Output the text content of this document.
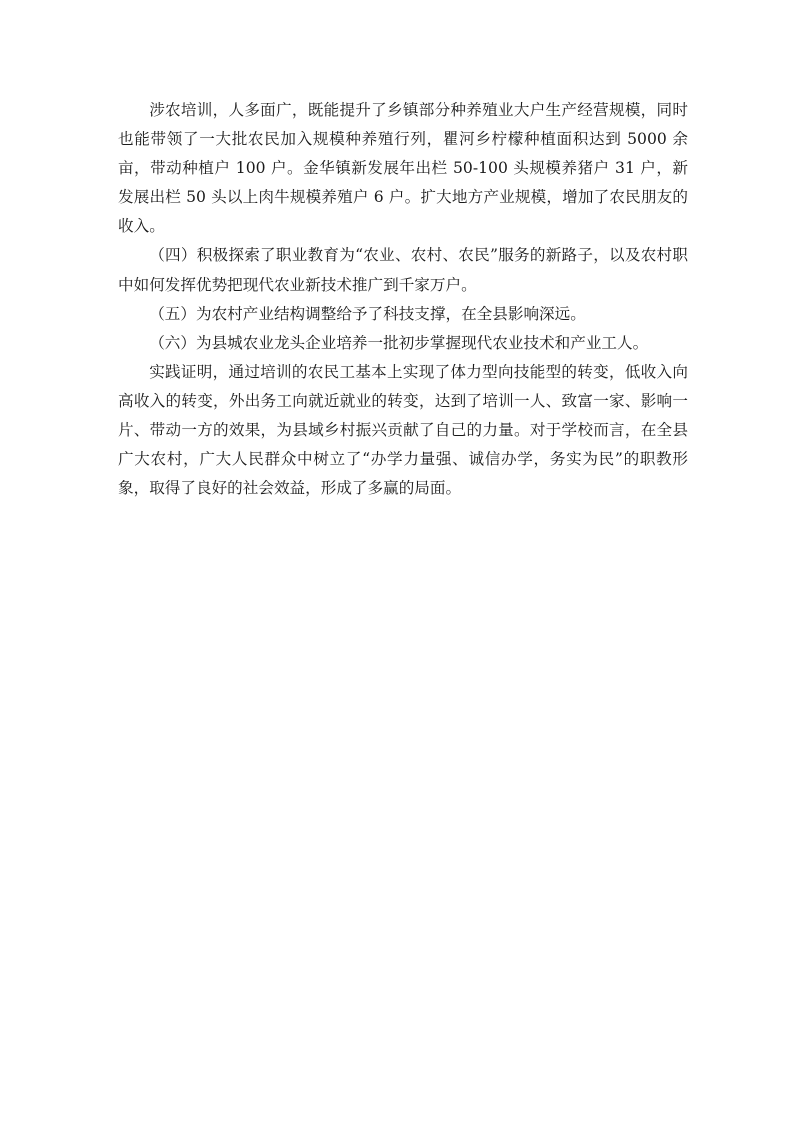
涉农培训，人多面广，既能提升了乡镇部分种养殖业大户生产经营规模，同时也能带领了一大批农民加入规模种养殖行列，瞿河乡柠檬种植面积达到 5000 余亩，带动种植户 100 户。金华镇新发展年出栏 50-100 头规模养猪户 31 户，新发展出栏 50 头以上肉牛规模养殖户 6 户。扩大地方产业规模，增加了农民朋友的收入。

（四）积极探索了职业教育为“农业、农村、农民”服务的新路子，以及农村职中如何发挥优势把现代农业新技术推广到千家万户。

（五）为农村产业结构调整给予了科技支撑，在全县影响深远。

（六）为县城农业龙头企业培养一批初步掌握现代农业技术和产业工人。

实践证明，通过培训的农民工基本上实现了体力型向技能型的转变，低收入向高收入的转变，外出务工向就近就业的转变，达到了培训一人、致富一家、影响一片、带动一方的效果，为县域乡村振兴贡献了自己的力量。对于学校而言，在全县广大农村，广大人民群众中树立了“办学力量强、诚信办学，务实为民”的职教形象，取得了良好的社会效益，形成了多赢的局面。
